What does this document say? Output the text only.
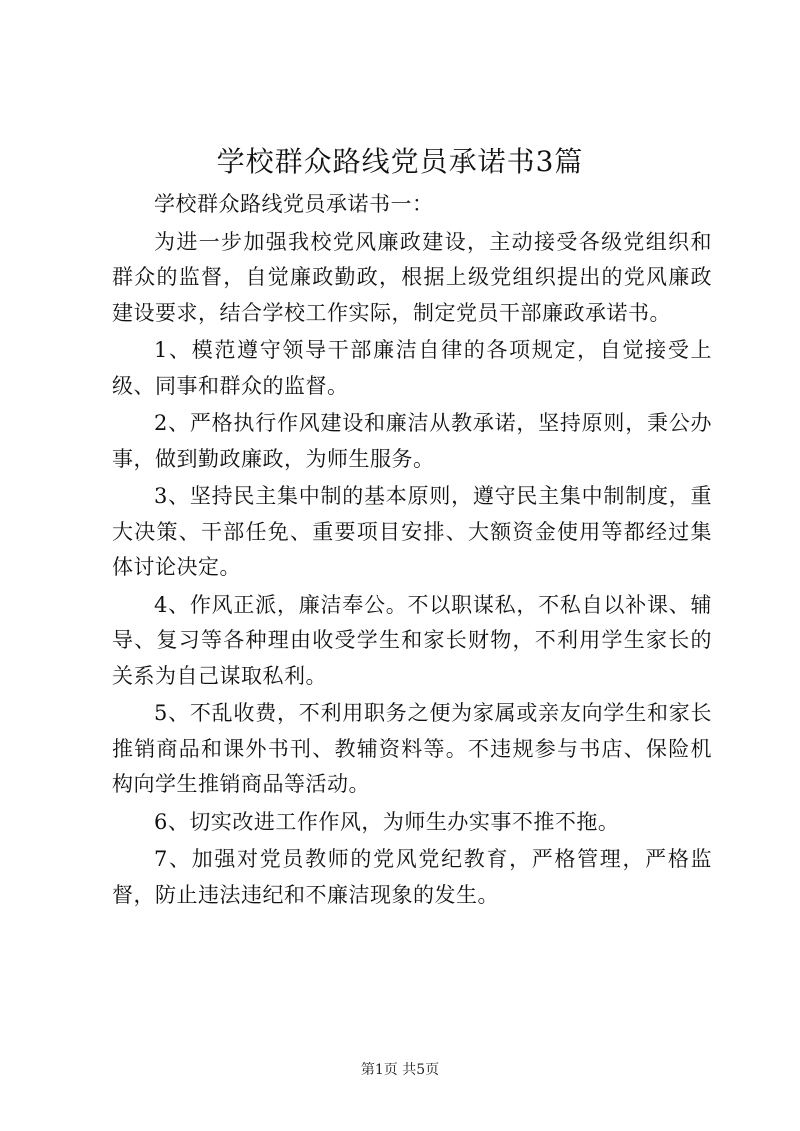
学校群众路线党员承诺书3篇

学校群众路线党员承诺书一：

为进一步加强我校党风廉政建设，主动接受各级党组织和群众的监督，自觉廉政勤政，根据上级党组织提出的党风廉政建设要求，结合学校工作实际，制定党员干部廉政承诺书。

1、模范遵守领导干部廉洁自律的各项规定，自觉接受上级、同事和群众的监督。

2、严格执行作风建设和廉洁从教承诺，坚持原则，秉公办事，做到勤政廉政，为师生服务。

3、坚持民主集中制的基本原则，遵守民主集中制制度，重大决策、干部任免、重要项目安排、大额资金使用等都经过集体讨论决定。

4、作风正派，廉洁奉公。不以职谋私，不私自以补课、辅导、复习等各种理由收受学生和家长财物，不利用学生家长的关系为自己谋取私利。

5、不乱收费，不利用职务之便为家属或亲友向学生和家长推销商品和课外书刊、教辅资料等。不违规参与书店、保险机构向学生推销商品等活动。

6、切实改进工作作风，为师生办实事不推不拖。

7、加强对党员教师的党风党纪教育，严格管理，严格监督，防止违法违纪和不廉洁现象的发生。

第1页 共5页
